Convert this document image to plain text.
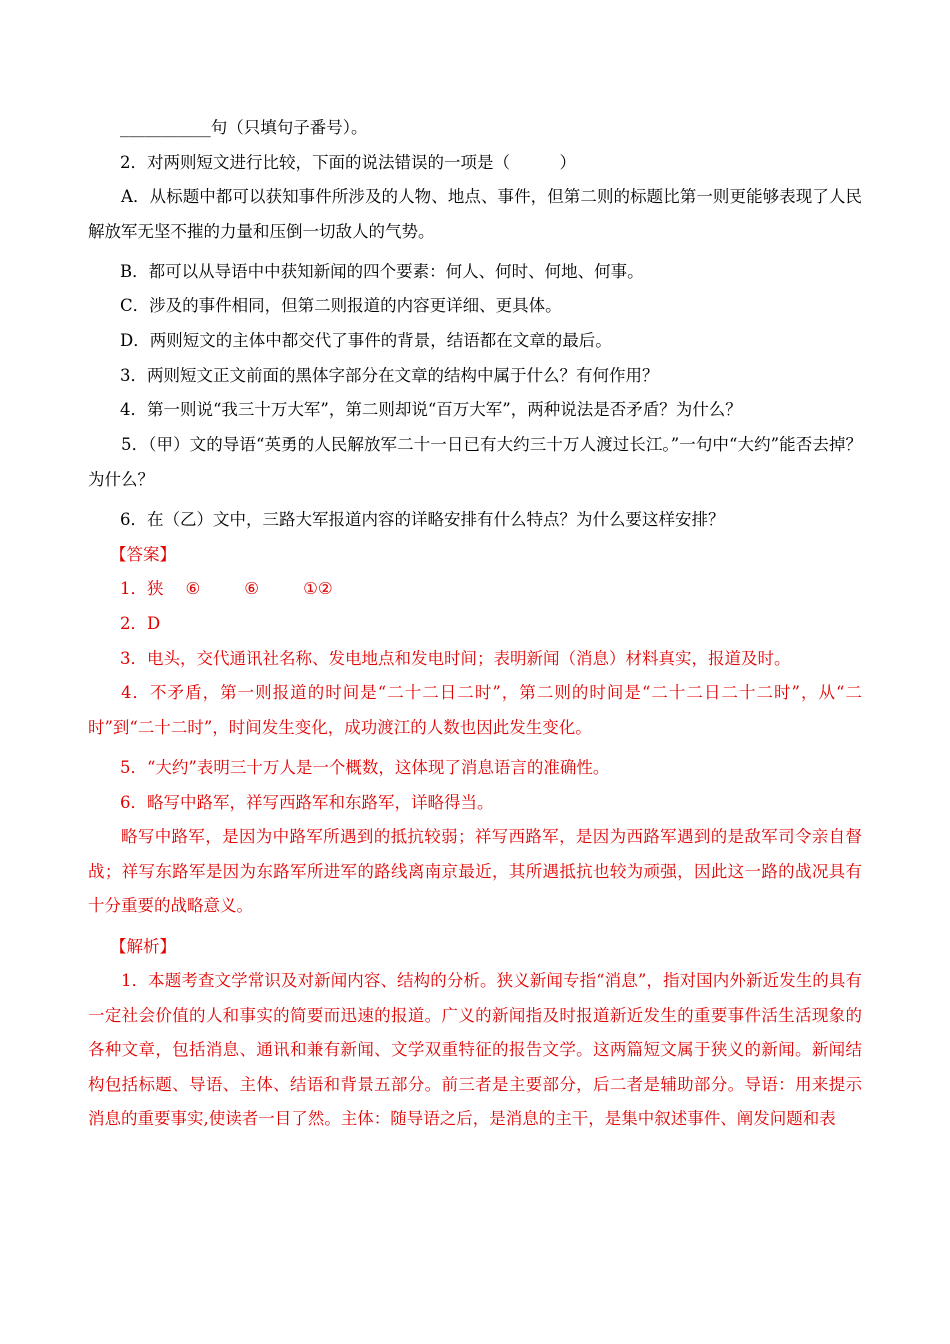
___________句（只填句子番号）。
2．对两则短文进行比较，下面的说法错误的一项是（　　　）
A．从标题中都可以获知事件所涉及的人物、地点、事件，但第二则的标题比第一则更能够表现了人民解放军无坚不摧的力量和压倒一切敌人的气势。
B．都可以从导语中中获知新闻的四个要素：何人、何时、何地、何事。
C．涉及的事件相同，但第二则报道的内容更详细、更具体。
D．两则短文的主体中都交代了事件的背景，结语都在文章的最后。
3．两则短文正文前面的黑体字部分在文章的结构中属于什么？有何作用？
4．第一则说“我三十万大军”，第二则却说“百万大军”，两种说法是否矛盾？为什么？
5．（甲）文的导语“英勇的人民解放军二十一日已有大约三十万人渡过长江。”一句中“大约”能否去掉？为什么？
6．在（乙）文中，三路大军报道内容的详略安排有什么特点？为什么要这样安排？
【答案】
1．狭 ⑥	⑥	①②
2．D
3．电头，交代通讯社名称、发电地点和发电时间；表明新闻（消息）材料真实，报道及时。
4．不矛盾，第一则报道的时间是“二十二日二时”，第二则的时间是“二十二日二十二时”，从“二时”到“二十二时”，时间发生变化，成功渡江的人数也因此发生变化。
5．“大约”表明三十万人是一个概数，这体现了消息语言的准确性。
6．略写中路军，祥写西路军和东路军，详略得当。
略写中路军，是因为中路军所遇到的抵抗较弱；祥写西路军，是因为西路军遇到的是敌军司令亲自督战；祥写东路军是因为东路军所进军的路线离南京最近，其所遇抵抗也较为顽强，因此这一路的战况具有十分重要的战略意义。
【解析】
1．本题考查文学常识及对新闻内容、结构的分析。狭义新闻专指“消息”，指对国内外新近发生的具有一定社会价值的人和事实的简要而迅速的报道。广义的新闻指及时报道新近发生的重要事件活生活现象的各种文章，包括消息、通讯和兼有新闻、文学双重特征的报告文学。这两篇短文属于狭义的新闻。新闻结构包括标题、导语、主体、结语和背景五部分。前三者是主要部分，后二者是辅助部分。导语：用来提示消息的重要事实,使读者一目了然。主体：随导语之后，是消息的主干，是集中叙述事件、阐发问题和表
